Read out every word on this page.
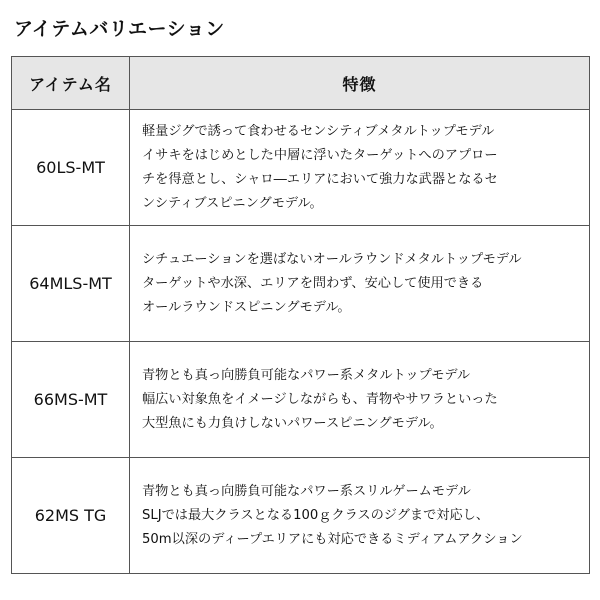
アイテムバリエーション
アイテム名	特徴
60LS-MT	軽量ジグで誘って食わせるセンシティブメタルトップモデル
イサキをはじめとした中層に浮いたターゲットへのアプロー
チを得意とし、シャロ―エリアにおいて強力な武器となるセ
ンシティブスピニングモデル。

64MLS-MT	シチュエーションを選ばないオールラウンドメタルトップモデル
ターゲットや水深、エリアを問わず、安心して使用できる
オールラウンドスピニングモデル。

66MS-MT	青物とも真っ向勝負可能なパワー系メタルトップモデル
幅広い対象魚をイメージしながらも、青物やサワラといった
大型魚にも力負けしないパワースピニングモデル。

62MS TG	青物とも真っ向勝負可能なパワー系スリルゲームモデル
SLJでは最大クラスとなる100ｇクラスのジグまで対応し、
50m以深のディープエリアにも対応できるミディアムアクション
